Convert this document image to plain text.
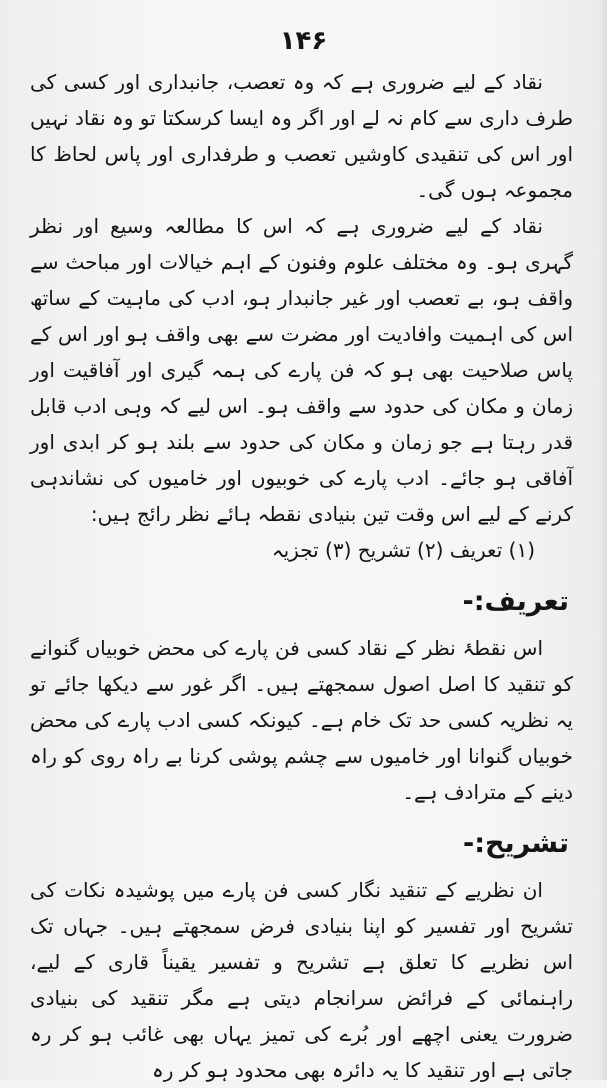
۱۴۶

نقاد کے لیے ضروری ہے کہ وہ تعصب، جانبداری اور کسی کی طرف داری سے کام نہ لے اور اگر وہ ایسا کرسکتا تو وہ نقاد نہیں اور اس کی تنقیدی کاوشیں تعصب و طرفداری اور پاس لحاظ کا مجموعہ ہوں گی۔

نقاد کے لیے ضروری ہے کہ اس کا مطالعہ وسیع اور نظر گہری ہو۔ وہ مختلف علوم وفنون کے اہم خیالات اور مباحث سے واقف ہو، بے تعصب اور غیر جانبدار ہو، ادب کی ماہیت کے ساتھ اس کی اہمیت وافادیت اور مضرت سے بھی واقف ہو اور اس کے پاس صلاحیت بھی ہو کہ فن پارے کی ہمہ گیری اور آفاقیت اور زمان و مکان کی حدود سے واقف ہو۔ اس لیے کہ وہی ادب قابل قدر رہتا ہے جو زمان و مکان کی حدود سے بلند ہو کر ابدی اور آفاقی ہو جائے۔ ادب پارے کی خوبیوں اور خامیوں کی نشاندہی کرنے کے لیے اس وقت تین بنیادی نقطہ ہائے نظر رائج ہیں:

(۱) تعریف (۲) تشریح (۳) تجزیہ

تعریف:-

اس نقطۂ نظر کے نقاد کسی فن پارے کی محض خوبیاں گنوانے کو تنقید کا اصل اصول سمجھتے ہیں۔ اگر غور سے دیکھا جائے تو یہ نظریہ کسی حد تک خام ہے۔ کیونکہ کسی ادب پارے کی محض خوبیاں گنوانا اور خامیوں سے چشم پوشی کرنا بے راہ روی کو راہ دینے کے مترادف ہے۔

تشریح:-

ان نظریے کے تنقید نگار کسی فن پارے میں پوشیدہ نکات کی تشریح اور تفسیر کو اپنا بنیادی فرض سمجھتے ہیں۔ جہاں تک اس نظریے کا تعلق ہے تشریح و تفسیر یقیناً قاری کے لیے، راہنمائی کے فرائض سرانجام دیتی ہے مگر تنقید کی بنیادی ضرورت یعنی اچھے اور بُرے کی تمیز یہاں بھی غائب ہو کر رہ جاتی ہے اور تنقید کا یہ دائرہ بھی محدود ہو کر رہ
